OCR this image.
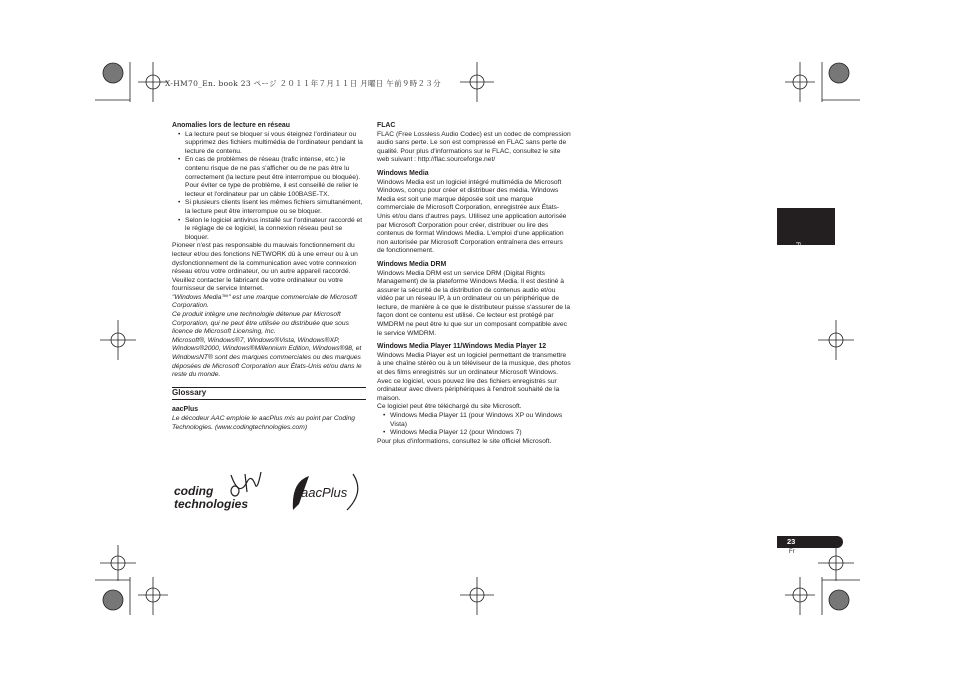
X-HM70_En. book 23 ページ ２０１１年７月１１日 月曜日 午前９時２３分

Anomalies lors de lecture en réseau

• La lecture peut se bloquer si vous éteignez l'ordinateur ou supprimez des fichiers multimédia de l'ordinateur pendant la lecture de contenu.

• En cas de problèmes de réseau (trafic intense, etc.) le contenu risque de ne pas s'afficher ou de ne pas être lu correctement (la lecture peut être interrompue ou bloquée). Pour éviter ce type de problème, il est conseillé de relier le lecteur et l'ordinateur par un câble 100BASE-TX.

• Si plusieurs clients lisent les mêmes fichiers simultanément, la lecture peut être interrompue ou se bloquer.

• Selon le logiciel antivirus installé sur l'ordinateur raccordé et le réglage de ce logiciel, la connexion réseau peut se bloquer.

Pioneer n'est pas responsable du mauvais fonctionnement du lecteur et/ou des fonctions NETWORK dû à une erreur ou à un dysfonctionnement de la communication avec votre connexion réseau et/ou votre ordinateur, ou un autre appareil raccordé. Veuillez contacter le fabricant de votre ordinateur ou votre fournisseur de service Internet.

"Windows Media™" est une marque commerciale de Microsoft Corporation.

Ce produit intègre une technologie détenue par Microsoft Corporation, qui ne peut être utilisée ou distribuée que sous licence de Microsoft Licensing, Inc.

Microsoft®, Windows®7, Windows®Vista, Windows®XP, Windows®2000, Windows®Millennium Edition, Windows®98, et WindowsNT® sont des marques commerciales ou des marques déposées de Microsoft Corporation aux États-Unis et/ou dans le reste du monde.

Glossary

aacPlus

Le décodeur AAC emploie le aacPlus mis au point par Coding Technologies. (www.codingtechnologies.com)

coding
technologies
aacPlus

FLAC

FLAC (Free Lossless Audio Codec) est un codec de compression audio sans perte. Le son est compressé en FLAC sans perte de qualité. Pour plus d'informations sur le FLAC, consultez le site web suivant : http://flac.sourceforge.net/

Windows Media

Windows Media est un logiciel intégré multimédia de Microsoft Windows, conçu pour créer et distribuer des média. Windows Media est soit une marque déposée soit une marque commerciale de Microsoft Corporation, enregistrée aux États-Unis et/ou dans d'autres pays. Utilisez une application autorisée par Microsoft Corporation pour créer, distribuer ou lire des contenus de format Windows Media. L'emploi d'une application non autorisée par Microsoft Corporation entraînera des erreurs de fonctionnement.

Windows Media DRM

Windows Media DRM est un service DRM (Digital Rights Management) de la plateforme Windows Media. Il est destiné à assurer la sécurité de la distribution de contenus audio et/ou vidéo par un réseau IP, à un ordinateur ou un périphérique de lecture, de manière à ce que le distributeur puisse s'assurer de la façon dont ce contenu est utilisé. Ce lecteur est protégé par WMDRM ne peut être lu que sur un composant compatible avec le service WMDRM.

Windows Media Player 11/Windows Media Player 12

Windows Media Player est un logiciel permettant de transmettre à une chaîne stéréo ou à un téléviseur de la musique, des photos et des films enregistrés sur un ordinateur Microsoft Windows.

Avec ce logiciel, vous pouvez lire des fichiers enregistrés sur ordinateur avec divers périphériques à l'endroit souhaité de la maison.

Ce logiciel peut être téléchargé du site Microsoft.

• Windows Media Player 11 (pour Windows XP ou Windows Vista)

• Windows Media Player 12 (pour Windows 7)

Pour plus d'informations, consultez le site officiel Microsoft.

Français
23
Fr
